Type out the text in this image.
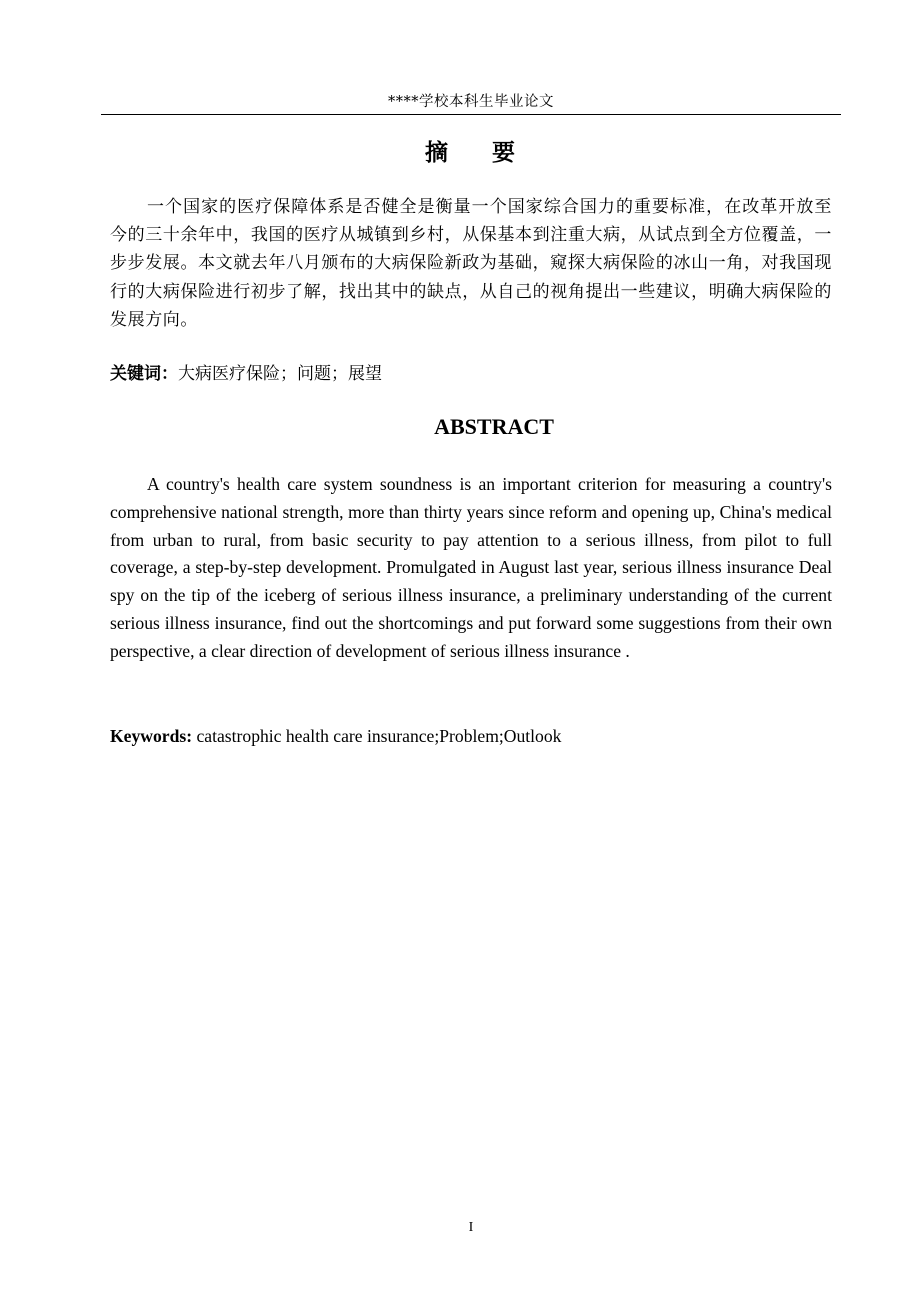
****学校本科生毕业论文
摘 要

一个国家的医疗保障体系是否健全是衡量一个国家综合国力的重要标准，在改革开放至今的三十余年中，我国的医疗从城镇到乡村，从保基本到注重大病，从试点到全方位覆盖，一步步发展。本文就去年八月颁布的大病保险新政为基础，窥探大病保险的冰山一角，对我国现行的大病保险进行初步了解，找出其中的缺点，从自己的视角提出一些建议，明确大病保险的发展方向。

关键词：大病医疗保险；问题；展望

ABSTRACT

A country's health care system soundness is an important criterion for measuring a country's comprehensive national strength, more than thirty years since reform and opening up, China's medical from urban to rural, from basic security to pay attention to a serious illness, from pilot to full coverage, a step-by-step development. Promulgated in August last year, serious illness insurance Deal spy on the tip of the iceberg of serious illness insurance, a preliminary understanding of the current serious illness insurance, find out the shortcomings and put forward some suggestions from their own perspective, a clear direction of development of serious illness insurance .

Keywords: catastrophic health care insurance;Problem;Outlook

I
